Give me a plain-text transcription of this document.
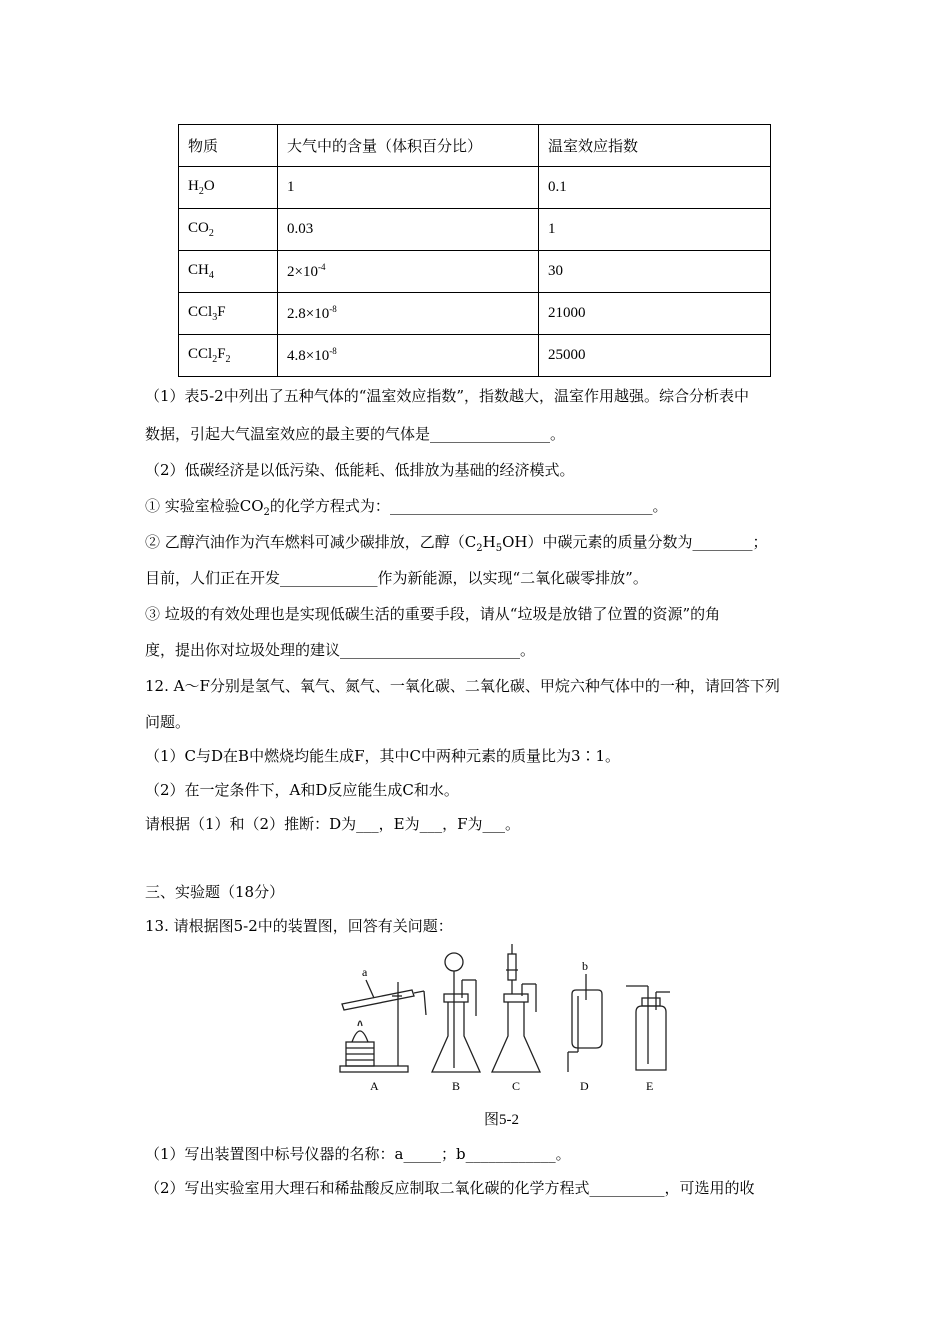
物质	大气中的含量（体积百分比）	温室效应指数
$H_2O$	1	0.1
$CO_2$	0.03	1
$CH_4$	$2\times 10^{-4}$	30
CCl$_3$F	$2.8\times 10^{-8}$	21000
$CCl_2F_2$	$4.8\times 10^{-8}$	25000
（1）表5-2中列出了五种气体的“温室效应指数”，指数越大，温室作用越强。综合分析表中
数据，引起大气温室效应的最主要的气体是________________。
（2）低碳经济是以低污染、低能耗、低排放为基础的经济模式。
① 实验室检验$CO_2$的化学方程式为：___________________________________。
② 乙醇汽油作为汽车燃料可减少碳排放，乙醇$(C_2H_5OH)$中碳元素的质量分数为________；
目前，人们正在开发_____________作为新能源，以实现“二氧化碳零排放”。
③ 垃圾的有效处理也是实现低碳生活的重要手段，请从“垃圾是放错了位置的资源”的角
度，提出你对垃圾处理的建议________________________。
12. A～F分别是氢气、氧气、氮气、一氧化碳、二氧化碳、甲烷六种气体中的一种，请回答下列
问题。
（1）C与D在B中燃烧均能生成F，其中C中两种元素的质量比为3∶1。
（2）在一定条件下，A和D反应能生成C和水。
请根据（1）和（2）推断：D为___，E为___，F为___。
三、实验题（18分）
13. 请根据图5-2中的装置图，回答有关问题：
a	b
A	B	C	D	E
图5-2
（1）写出装置图中标号仪器的名称：a_____；b____________。
（2）写出实验室用大理石和稀盐酸反应制取二氧化碳的化学方程式__________，可选用的收
